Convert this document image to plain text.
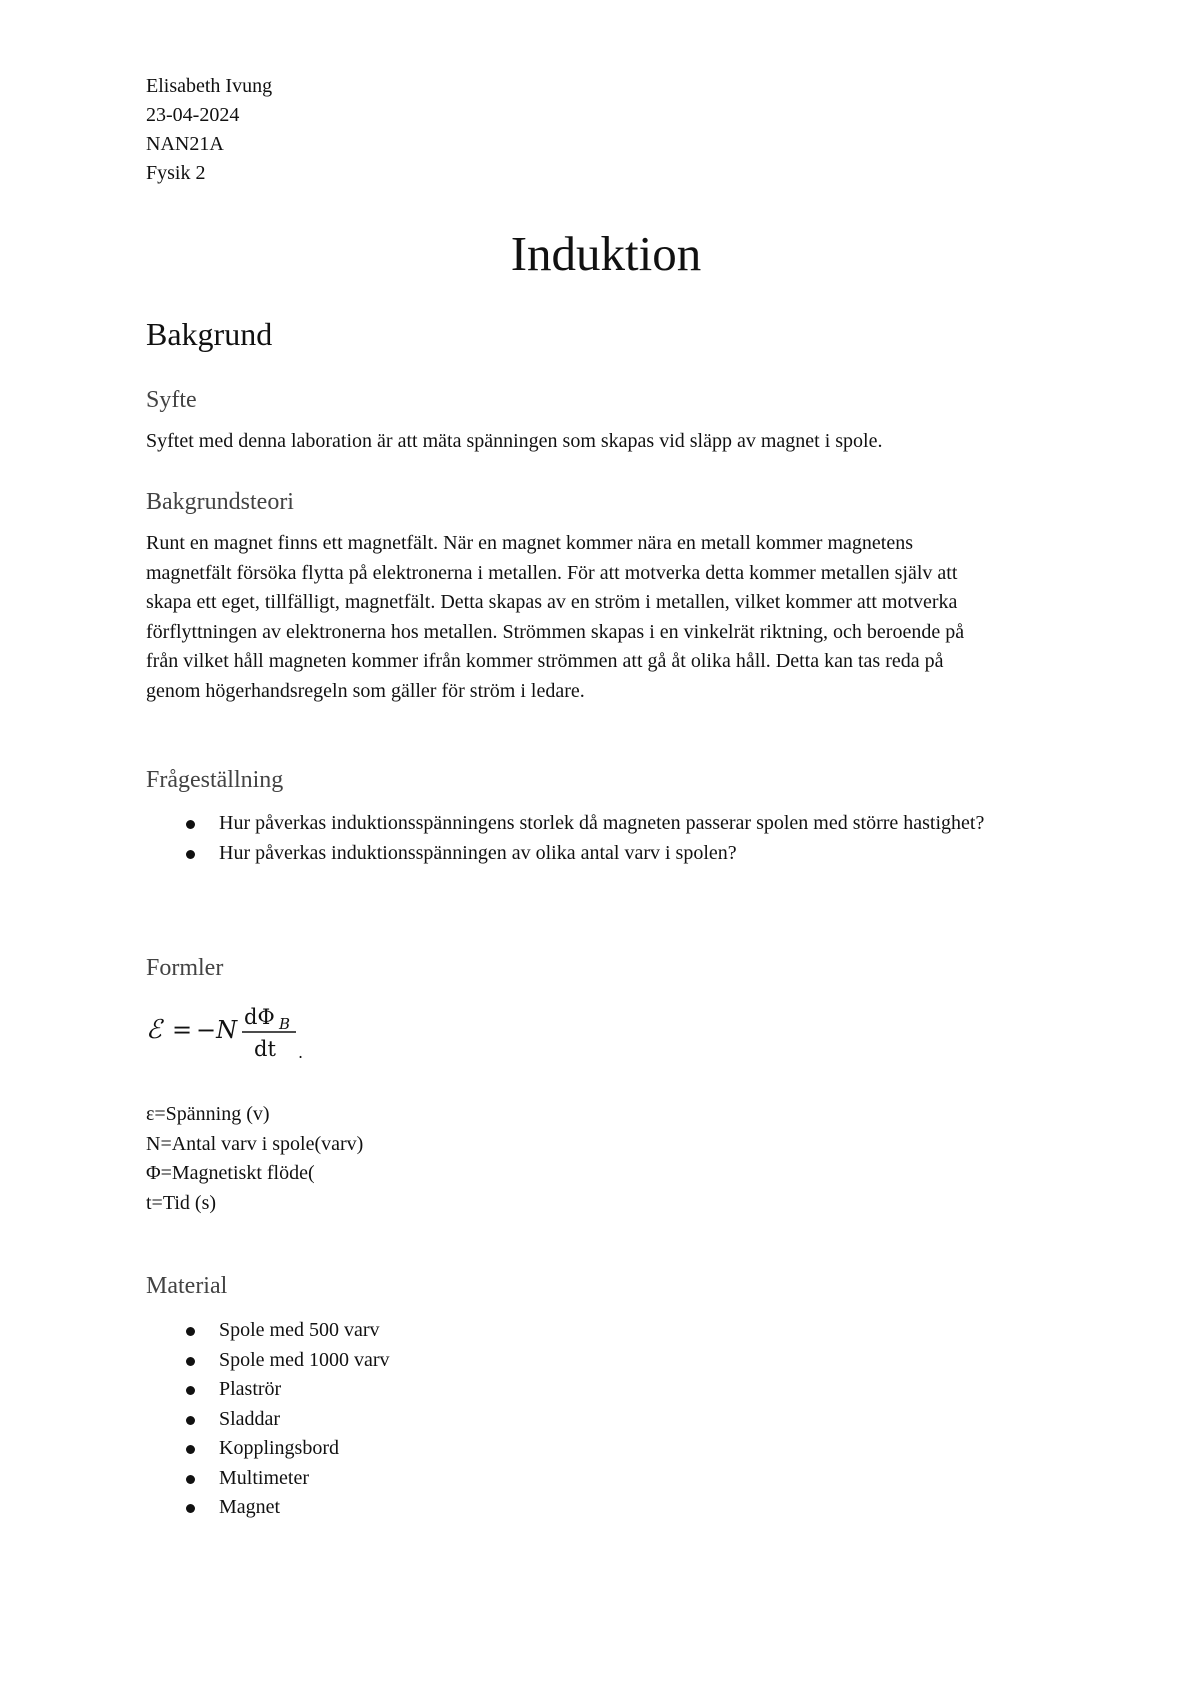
Elisabeth Ivung

23-04-2024

NAN21A

Fysik 2

Induktion
Bakgrund
Syfte

Syftet med denna laboration är att mäta spänningen som skapas vid släpp av magnet i spole.

Bakgrundsteori
Runt en magnet finns ett magnetfält. När en magnet kommer nära en metall kommer magnetens
magnetfält försöka flytta på elektronerna i metallen. För att motverka detta kommer metallen själv att
skapa ett eget, tillfälligt, magnetfält. Detta skapas av en ström i metallen, vilket kommer att motverka
förflyttningen av elektronerna hos metallen. Strömmen skapas i en vinkelrät riktning, och beroende på
från vilket håll magneten kommer ifrån kommer strömmen att gå åt olika håll. Detta kan tas reda på
genom högerhandsregeln som gäller för ström i ledare.
Frågeställning
Hur påverkas induktionsspänningens storlek då magneten passerar spolen med större hastighet?
Hur påverkas induktionsspänningen av olika antal varv i spolen?
Formler
ℰ = −N dΦ B
dt .

ε=Spänning (v)

N=Antal varv i spole(varv)

Φ=Magnetiskt flöde(

t=Tid (s)

Material
Spole med 500 varv
Spole med 1000 varv
Plaströr
Sladdar
Kopplingsbord
Multimeter
Magnet
